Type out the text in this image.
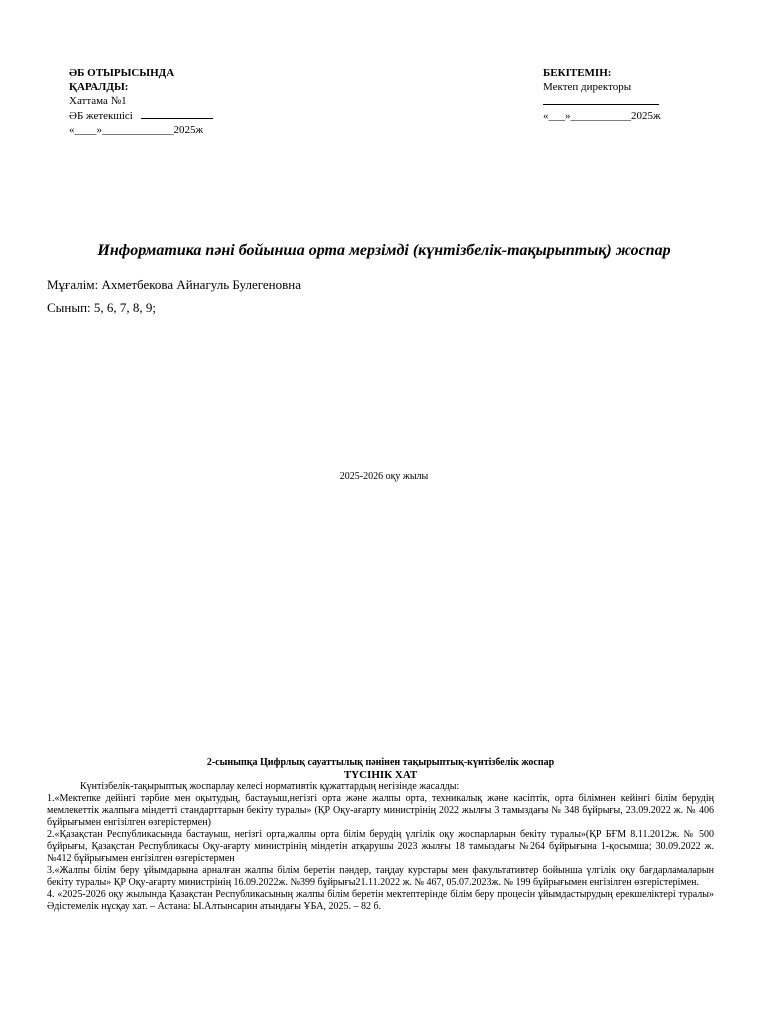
ӘБ ОТЫРЫСЫНДА
ҚАРАЛДЫ:
Хаттама №1
ӘБ жетекшісі
«____»_____________2025ж
БЕКІТЕМІН:
Мектеп директоры
«___»___________2025ж
Информатика пәні бойынша орта мерзімді (күнтізбелік-тақырыптық) жоспар
Мұғалім: Ахметбекова Айнагуль Булегеновна
Сынып: 5, 6, 7, 8, 9;
2025-2026 оқу жылы
2-сыныпқа Цифрлық сауаттылық пәнінен тақырыптық-күнтізбелік жоспар
ТҮСІНІК ХАТ

Күнтізбелік-тақырыптық жоспарлау келесі нормативтік құжаттардың негізінде жасалды:

1.«Мектепке дейінгі тәрбие мен оқытудың, бастауыш,негізгі орта және жалпы орта, техникалық және кәсіптік, орта білімнен кейінгі білім берудің мемлекеттік жалпыға міндетті стандарттарын бекіту туралы» (ҚР Оқу-ағарту министрінің 2022 жылғы 3 тамыздағы № 348 бұйрығы, 23.09.2022 ж. № 406 бұйрығымен енгізілген өзгерістермен)

2.«Қазақстан Республикасында бастауыш, негізгі орта,жалпы орта білім берудің үлгілік оқу жоспарларын бекіту туралы»(ҚР БҒМ 8.11.2012ж. № 500 бұйрығы, Қазақстан Республикасы Оқу-ағарту министрінің міндетін атқарушы 2023 жылғы 18 тамыздағы №264 бұйрығына 1-қосымша; 30.09.2022 ж. №412 бұйрығымен енгізілген өзгерістермен

3.«Жалпы білім беру ұйымдарына арналған жалпы білім беретін пәндер, таңдау курстары мен факультативтер бойынша үлгілік оқу бағдарламаларын бекіту туралы» ҚР Оқу-ағарту министрінің 16.09.2022ж. №399 бұйрығы21.11.2022 ж. № 467, 05.07.2023ж. № 199 бұйрығымен енгізілген өзгерістерімен.

4. «2025-2026 оқу жылында Қазақстан Республикасының жалпы білім беретін мектептерінде білім беру процесін ұйымдастырудың ерекшеліктері туралы» Әдістемелік нұсқау хат. – Астана: Ы.Алтынсарин атындағы ҰБА, 2025. – 82 б.
